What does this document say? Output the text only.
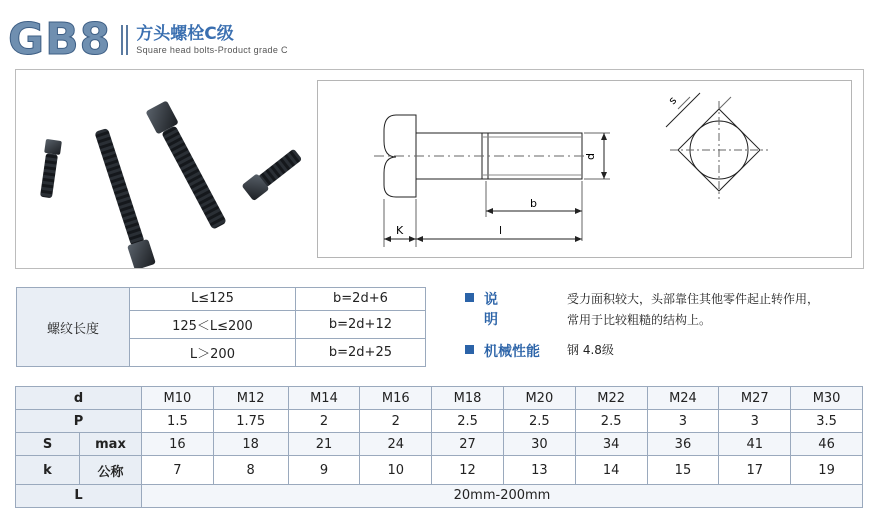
GB8 方头螺栓C级
Square head bolts-Product grade C
d
b
K	l
s
螺纹长度	L≤125	b=2d+6
	125＜L≤200	b=2d+12
	L＞200	b=2d+25
说 明
受力面积较大，头部靠住其他零件起止转作用，
常用于比较粗糙的结构上。
机械性能	钢 4.8级
d		M10	M12	M14	M16	M18	M20	M22	M24	M27	M30
P		1.5	1.75	2	2	2.5	2.5	2.5	3	3	3.5
S	max	16	18	21	24	27	30	34	36	41	46
k	公称	7	8	9	10	12	13	14	15	17	19
L		20mm-200mm									
